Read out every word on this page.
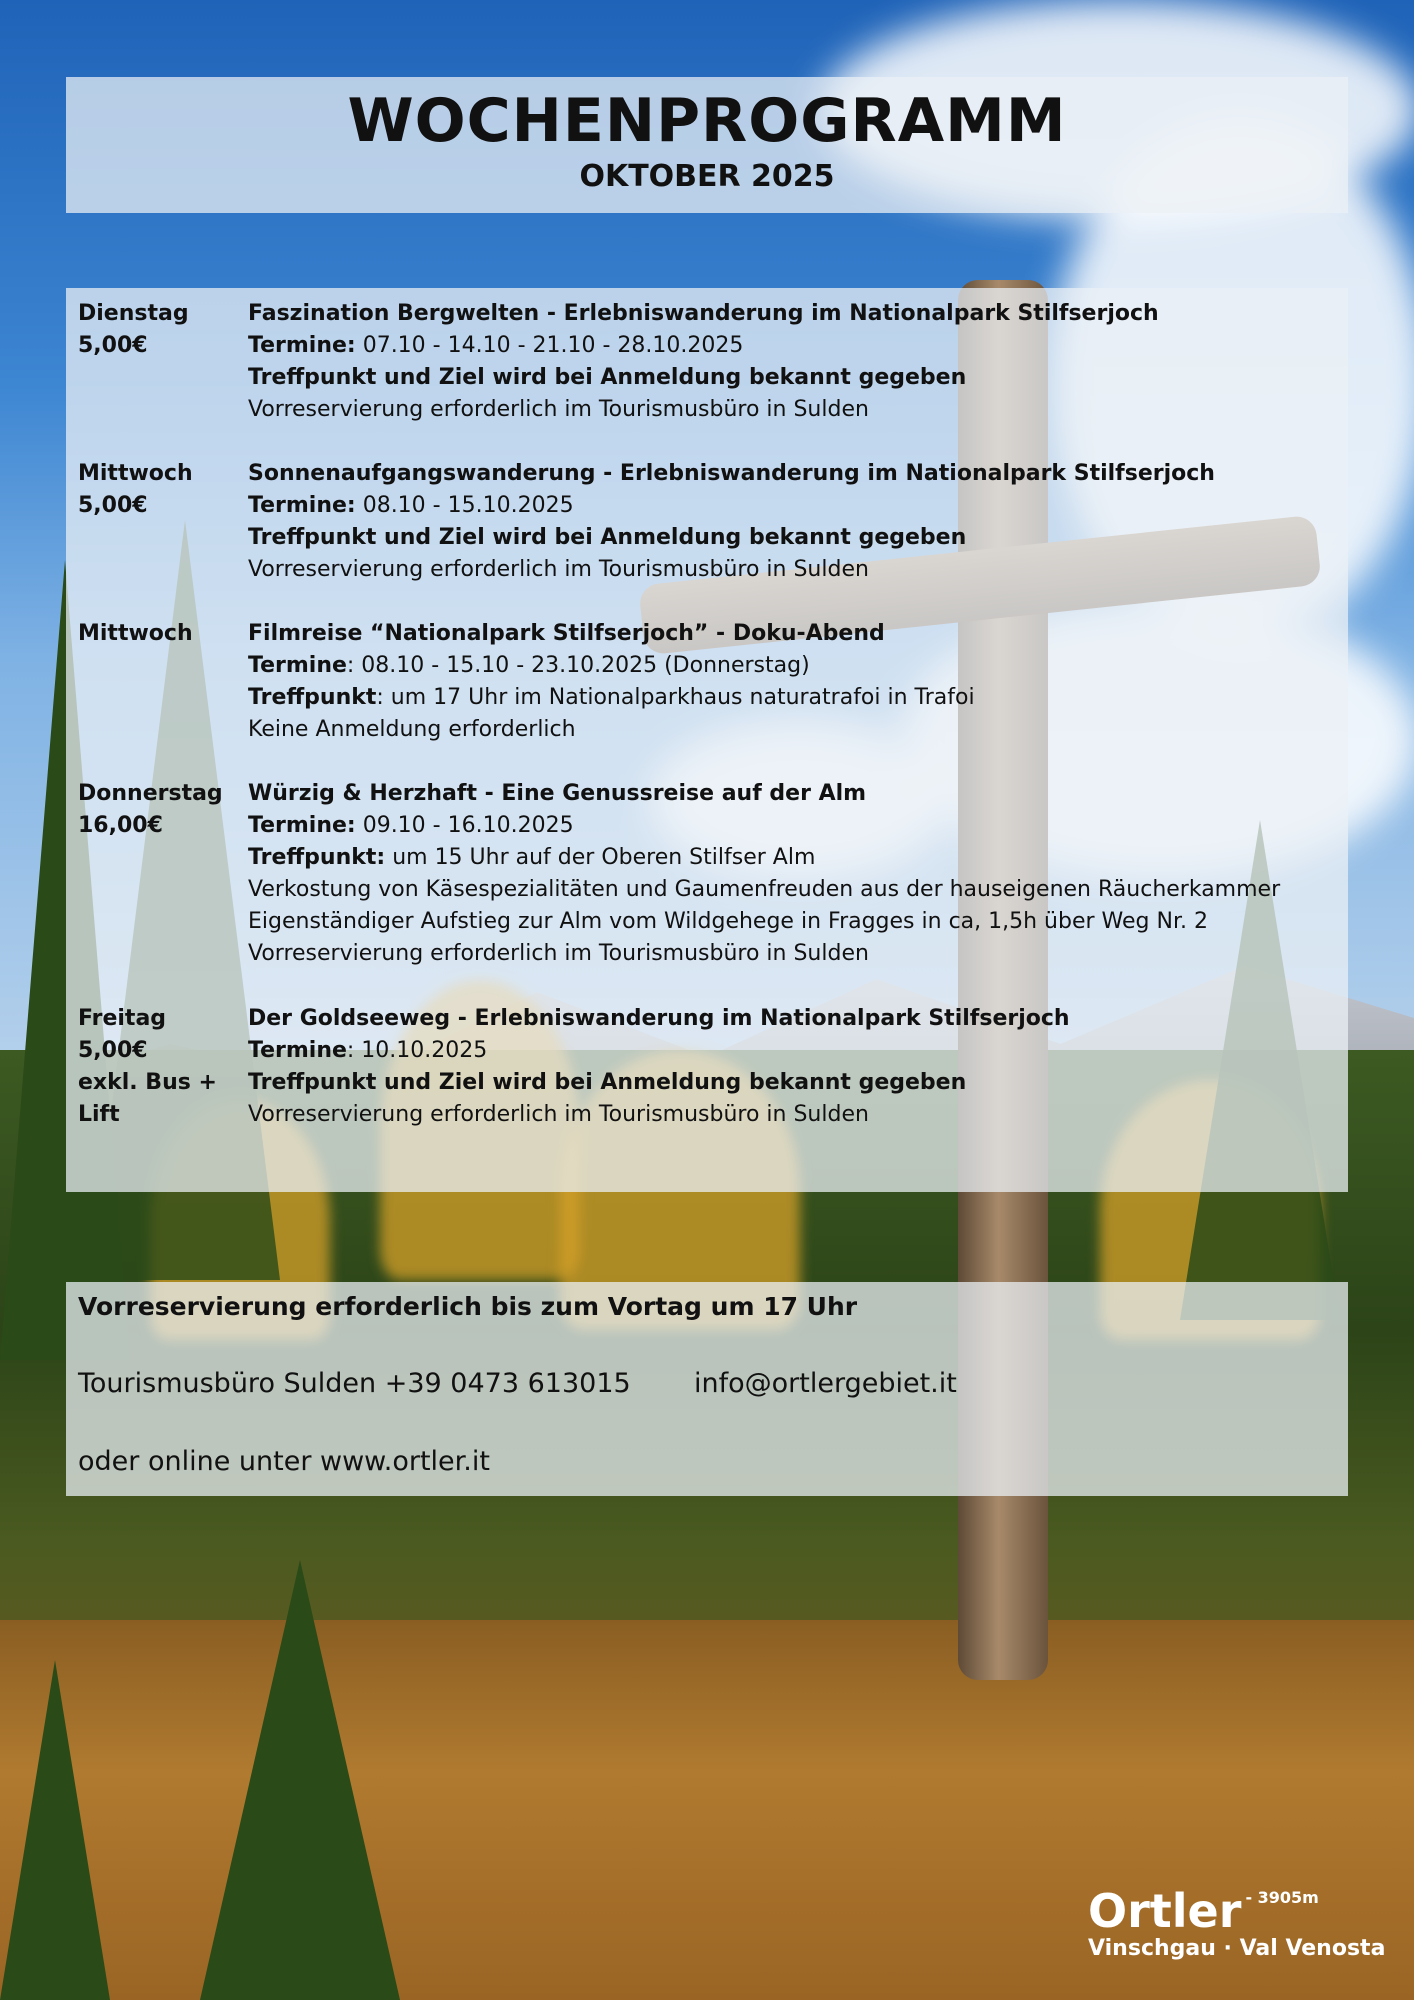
WOCHENPROGRAMM
OKTOBER 2025
Dienstag
5,00€
Faszination Bergwelten - Erlebniswanderung im Nationalpark Stilfserjoch
Termine: 07.10 - 14.10 - 21.10 - 28.10.2025
Treffpunkt und Ziel wird bei Anmeldung bekannt gegeben
Vorreservierung erforderlich im Tourismusbüro in Sulden
Mittwoch
5,00€
Sonnenaufgangswanderung - Erlebniswanderung im Nationalpark Stilfserjoch
Termine: 08.10 - 15.10.2025
Treffpunkt und Ziel wird bei Anmeldung bekannt gegeben
Vorreservierung erforderlich im Tourismusbüro in Sulden
Mittwoch	Filmreise “Nationalpark Stilfserjoch” - Doku-Abend
Termine: 08.10 - 15.10 - 23.10.2025 (Donnerstag)
Treffpunkt: um 17 Uhr im Nationalparkhaus naturatrafoi in Trafoi
Keine Anmeldung erforderlich
Donnerstag
16,00€
Würzig & Herzhaft - Eine Genussreise auf der Alm
Termine: 09.10 - 16.10.2025
Treffpunkt: um 15 Uhr auf der Oberen Stilfser Alm
Verkostung von Käsespezialitäten und Gaumenfreuden aus der hauseigenen Räucherkammer
Eigenständiger Aufstieg zur Alm vom Wildgehege in Fragges in ca, 1,5h über Weg Nr. 2
Vorreservierung erforderlich im Tourismusbüro in Sulden
Freitag
5,00€
exkl. Bus +
Lift
Der Goldseeweg - Erlebniswanderung im Nationalpark Stilfserjoch
Termine: 10.10.2025
Treffpunkt und Ziel wird bei Anmeldung bekannt gegeben
Vorreservierung erforderlich im Tourismusbüro in Sulden
Vorreservierung erforderlich bis zum Vortag um 17 Uhr
Tourismusbüro Sulden +39 0473 613015 info@ortlergebiet.it
oder online unter www.ortler.it
Ortler - 3905m
Vinschgau · Val Venosta
